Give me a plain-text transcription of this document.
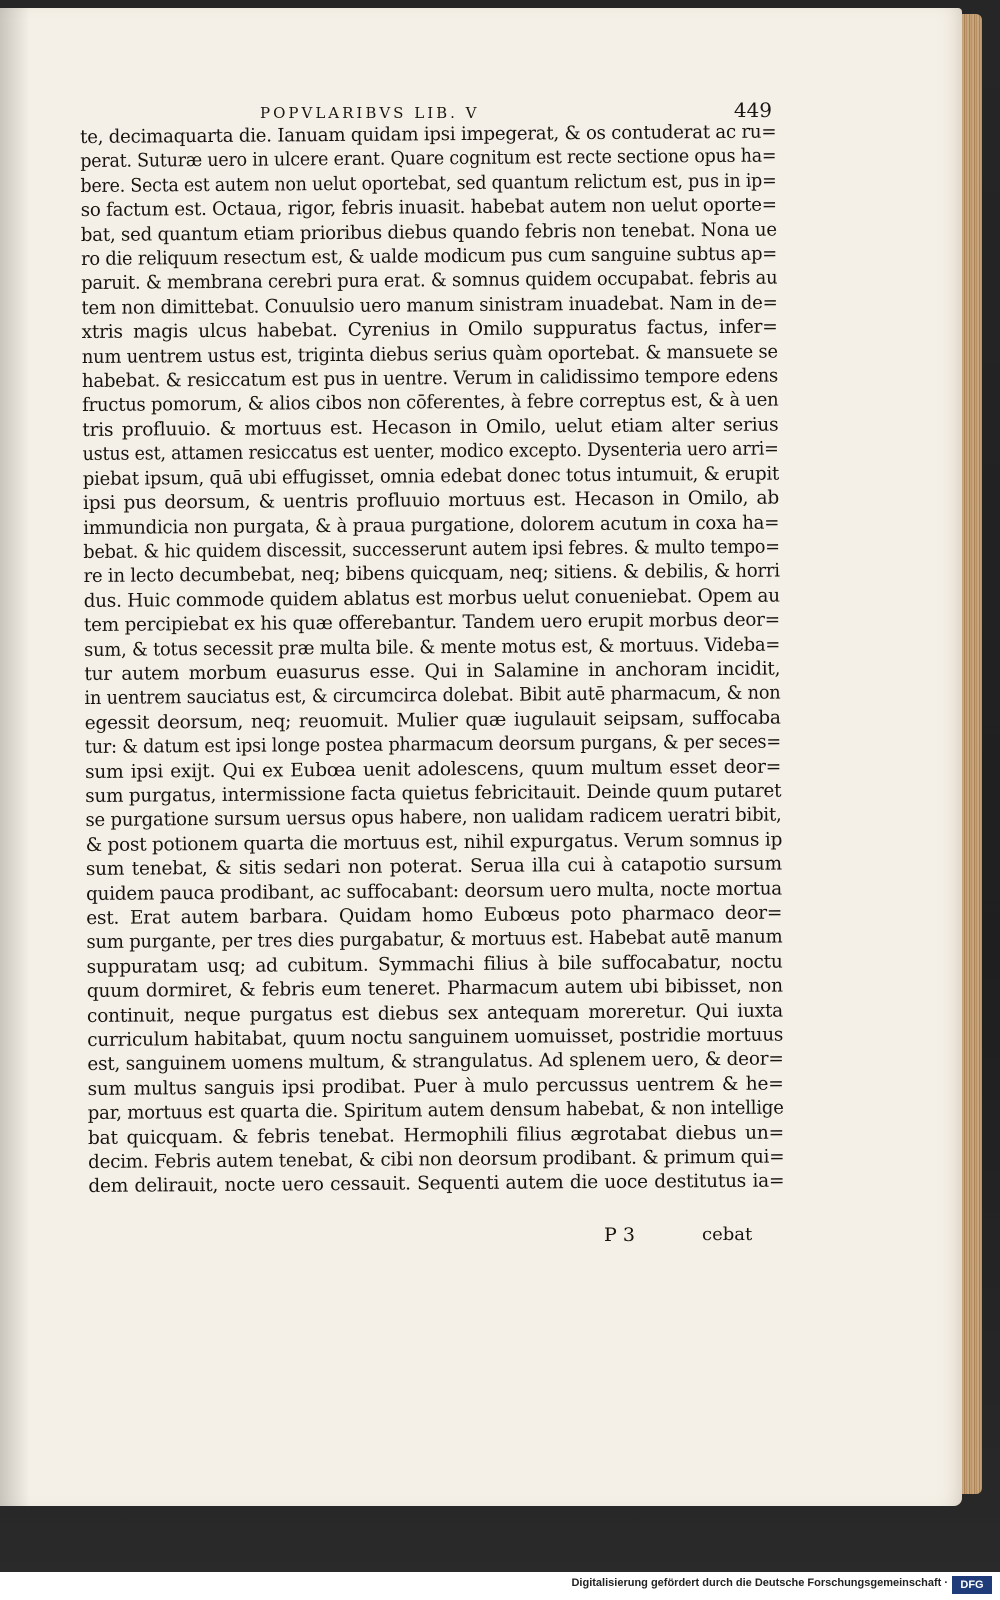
POPVLARIBVS LIB. V	449
te, decimaquarta die. Ianuam quidam ipsi impegerat, & os contuderat ac ru=
perat. Suturæ uero in ulcere erant. Quare cognitum est recte sectione opus ha=
bere. Secta est autem non uelut oportebat, sed quantum relictum est, pus in ip=
so factum est. Octaua, rigor, febris inuasit. habebat autem non uelut oporte=
bat, sed quantum etiam prioribus diebus quando febris non tenebat. Nona ue
ro die reliquum resectum est, & ualde modicum pus cum sanguine subtus ap=
paruit. & membrana cerebri pura erat. & somnus quidem occupabat. febris au
tem non dimittebat. Conuulsio uero manum sinistram inuadebat. Nam in de=
xtris magis ulcus habebat. Cyrenius in Omilo suppuratus factus, infer=
num uentrem ustus est, triginta diebus serius quàm oportebat. & mansuete se
habebat. & resiccatum est pus in uentre. Verum in calidissimo tempore edens
fructus pomorum, & alios cibos non cōferentes, à febre correptus est, & à uen
tris profluuio. & mortuus est. Hecason in Omilo, uelut etiam alter serius
ustus est, attamen resiccatus est uenter, modico excepto. Dysenteria uero arri=
piebat ipsum, quā ubi effugisset, omnia edebat donec totus intumuit, & erupit
ipsi pus deorsum, & uentris profluuio mortuus est. Hecason in Omilo, ab
immundicia non purgata, & à praua purgatione, dolorem acutum in coxa ha=
bebat. & hic quidem discessit, successerunt autem ipsi febres. & multo tempo=
re in lecto decumbebat, neq; bibens quicquam, neq; sitiens. & debilis, & horri
dus. Huic commode quidem ablatus est morbus uelut conueniebat. Opem au
tem percipiebat ex his quæ offerebantur. Tandem uero erupit morbus deor=
sum, & totus secessit præ multa bile. & mente motus est, & mortuus. Videba=
tur autem morbum euasurus esse. Qui in Salamine in anchoram incidit,
in uentrem sauciatus est, & circumcirca dolebat. Bibit autē pharmacum, & non
egessit deorsum, neq; reuomuit. Mulier quæ iugulauit seipsam, suffocaba
tur: & datum est ipsi longe postea pharmacum deorsum purgans, & per seces=
sum ipsi exijt. Qui ex Eubœa uenit adolescens, quum multum esset deor=
sum purgatus, intermissione facta quietus febricitauit. Deinde quum putaret
se purgatione sursum uersus opus habere, non ualidam radicem ueratri bibit,
& post potionem quarta die mortuus est, nihil expurgatus. Verum somnus ip
sum tenebat, & sitis sedari non poterat. Serua illa cui à catapotio sursum
quidem pauca prodibant, ac suffocabant: deorsum uero multa, nocte mortua
est. Erat autem barbara. Quidam homo Eubœus poto pharmaco deor=
sum purgante, per tres dies purgabatur, & mortuus est. Habebat autē manum
suppuratam usq; ad cubitum. Symmachi filius à bile suffocabatur, noctu
quum dormiret, & febris eum teneret. Pharmacum autem ubi bibisset, non
continuit, neque purgatus est diebus sex antequam moreretur. Qui iuxta
curriculum habitabat, quum noctu sanguinem uomuisset, postridie mortuus
est, sanguinem uomens multum, & strangulatus. Ad splenem uero, & deor=
sum multus sanguis ipsi prodibat. Puer à mulo percussus uentrem & he=
par, mortuus est quarta die. Spiritum autem densum habebat, & non intellige
bat quicquam. & febris tenebat. Hermophili filius ægrotabat diebus un=
decim. Febris autem tenebat, & cibi non deorsum prodibant. & primum qui=
dem delirauit, nocte uero cessauit. Sequenti autem die uoce destitutus ia=
P 3	cebat
Digitalisierung gefördert durch die Deutsche Forschungsgemeinschaft ·	DFG
